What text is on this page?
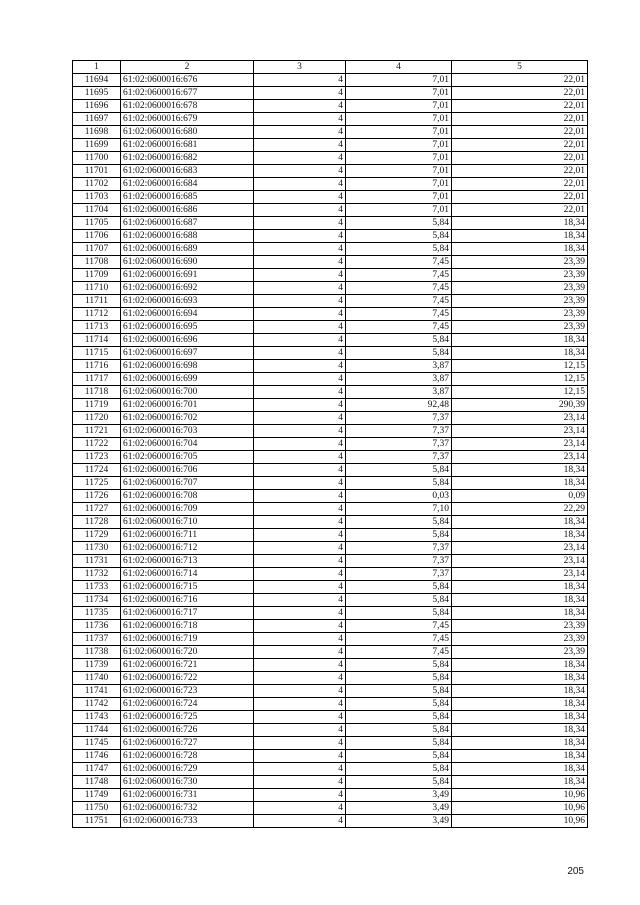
1	2	3	4	5
11694	61:02:0600016:676	4	7,01	22,01
11695	61:02:0600016:677	4	7,01	22,01
11696	61:02:0600016:678	4	7,01	22,01
11697	61:02:0600016:679	4	7,01	22,01
11698	61:02:0600016:680	4	7,01	22,01
11699	61:02:0600016:681	4	7,01	22,01
11700	61:02:0600016:682	4	7,01	22,01
11701	61:02:0600016:683	4	7,01	22,01
11702	61:02:0600016:684	4	7,01	22,01
11703	61:02:0600016:685	4	7,01	22,01
11704	61:02:0600016:686	4	7,01	22,01
11705	61:02:0600016:687	4	5,84	18,34
11706	61:02:0600016:688	4	5,84	18,34
11707	61:02:0600016:689	4	5,84	18,34
11708	61:02:0600016:690	4	7,45	23,39
11709	61:02:0600016:691	4	7,45	23,39
11710	61:02:0600016:692	4	7,45	23,39
11711	61:02:0600016:693	4	7,45	23,39
11712	61:02:0600016:694	4	7,45	23,39
11713	61:02:0600016:695	4	7,45	23,39
11714	61:02:0600016:696	4	5,84	18,34
11715	61:02:0600016:697	4	5,84	18,34
11716	61:02:0600016:698	4	3,87	12,15
11717	61:02:0600016:699	4	3,87	12,15
11718	61:02:0600016:700	4	3,87	12,15
11719	61:02:0600016:701	4	92,48	290,39
11720	61:02:0600016:702	4	7,37	23,14
11721	61:02:0600016:703	4	7,37	23,14
11722	61:02:0600016:704	4	7,37	23,14
11723	61:02:0600016:705	4	7,37	23,14
11724	61:02:0600016:706	4	5,84	18,34
11725	61:02:0600016:707	4	5,84	18,34
11726	61:02:0600016:708	4	0,03	0,09
11727	61:02:0600016:709	4	7,10	22,29
11728	61:02:0600016:710	4	5,84	18,34
11729	61:02:0600016:711	4	5,84	18,34
11730	61:02:0600016:712	4	7,37	23,14
11731	61:02:0600016:713	4	7,37	23,14
11732	61:02:0600016:714	4	7,37	23,14
11733	61:02:0600016:715	4	5,84	18,34
11734	61:02:0600016:716	4	5,84	18,34
11735	61:02:0600016:717	4	5,84	18,34
11736	61:02:0600016:718	4	7,45	23,39
11737	61:02:0600016:719	4	7,45	23,39
11738	61:02:0600016:720	4	7,45	23,39
11739	61:02:0600016:721	4	5,84	18,34
11740	61:02:0600016:722	4	5,84	18,34
11741	61:02:0600016:723	4	5,84	18,34
11742	61:02:0600016:724	4	5,84	18,34
11743	61:02:0600016:725	4	5,84	18,34
11744	61:02:0600016:726	4	5,84	18,34
11745	61:02:0600016:727	4	5,84	18,34
11746	61:02:0600016:728	4	5,84	18,34
11747	61:02:0600016:729	4	5,84	18,34
11748	61:02:0600016:730	4	5,84	18,34
11749	61:02:0600016:731	4	3,49	10,96
11750	61:02:0600016:732	4	3,49	10,96
11751	61:02:0600016:733	4	3,49	10,96
205
